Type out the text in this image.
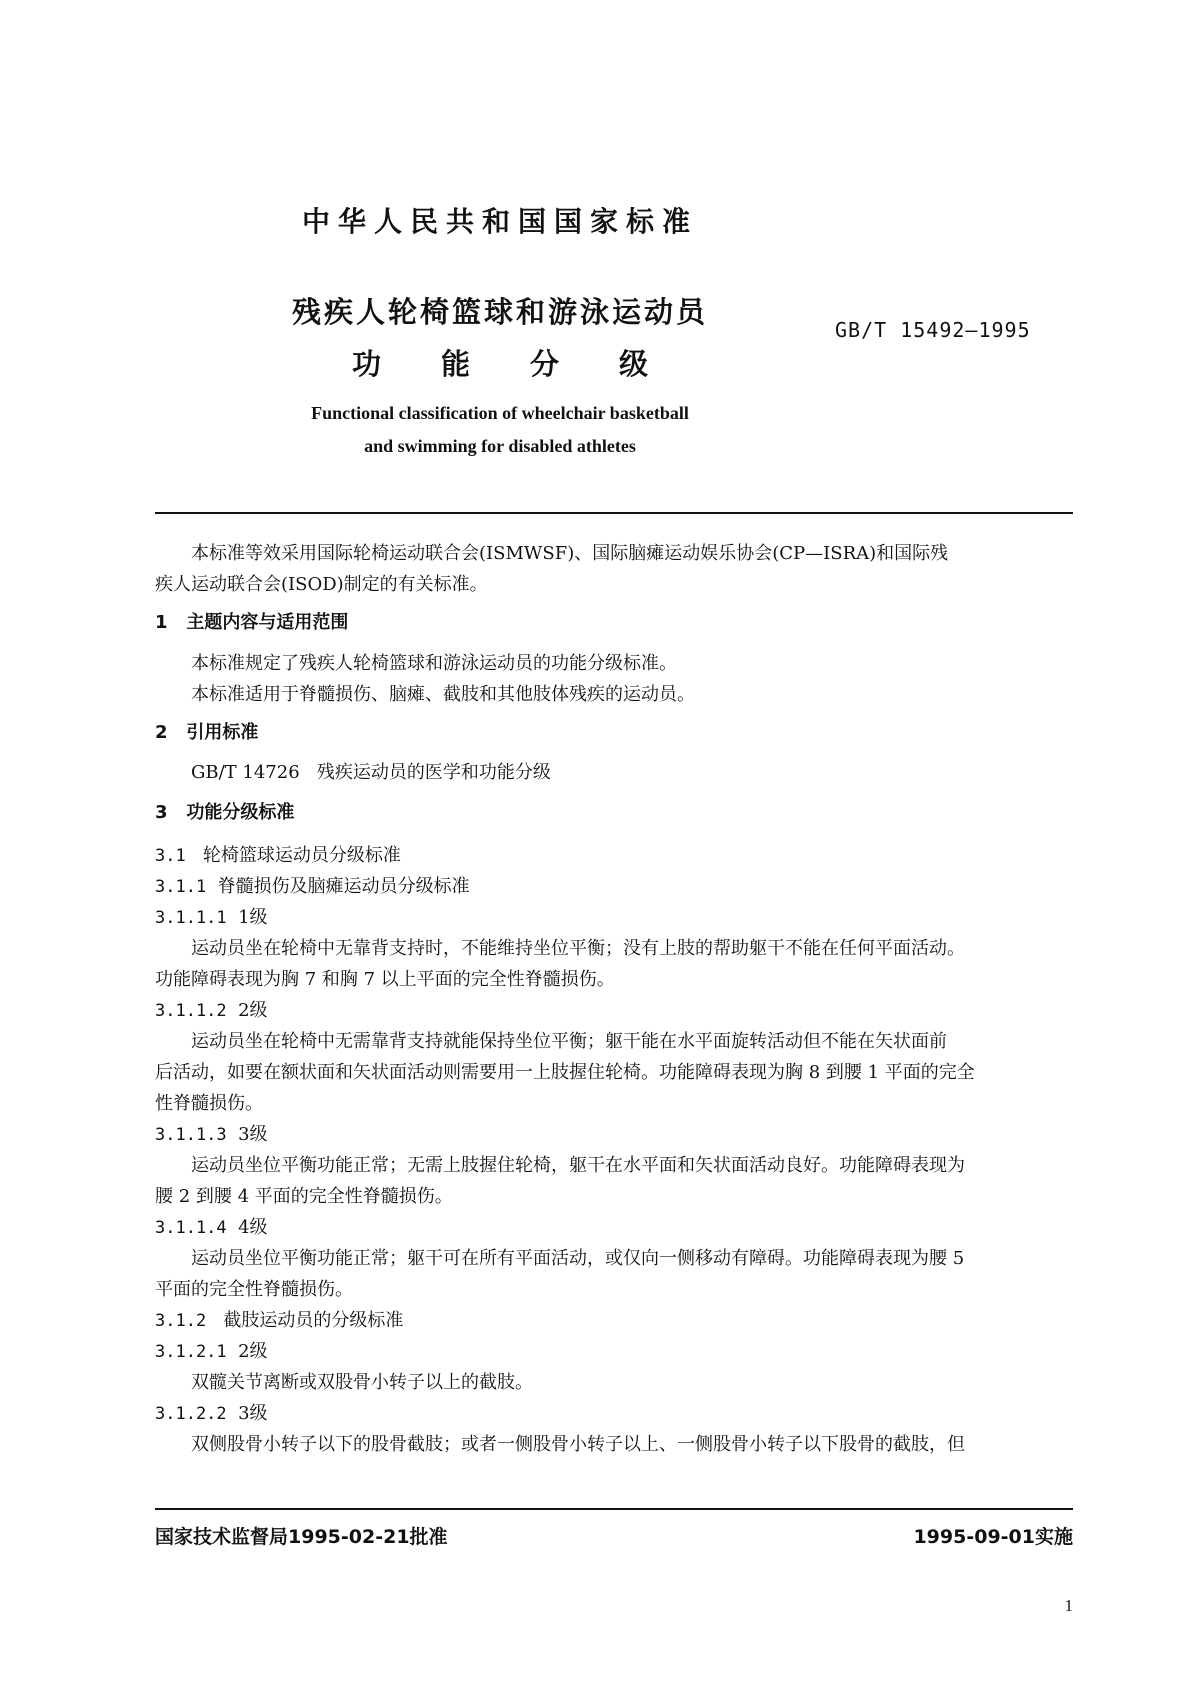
中华人民共和国国家标准
残疾人轮椅篮球和游泳运动员
功 能 分 级
GB/T 15492—1995
Functional classification of wheelchair basketball
and swimming for disabled athletes
本标准等效采用国际轮椅运动联合会(ISMWSF)、国际脑瘫运动娱乐协会(CP—ISRA)和国际残
疾人运动联合会(ISOD)制定的有关标准。
1 主题内容与适用范围
本标准规定了残疾人轮椅篮球和游泳运动员的功能分级标准。
本标准适用于脊髓损伤、脑瘫、截肢和其他肢体残疾的运动员。
2 引用标准
GB/T 14726 残疾运动员的医学和功能分级
3 功能分级标准
3.1 轮椅篮球运动员分级标准
3.1.1 脊髓损伤及脑瘫运动员分级标准
3.1.1.1 1级
运动员坐在轮椅中无靠背支持时，不能维持坐位平衡；没有上肢的帮助躯干不能在任何平面活动。
功能障碍表现为胸 7 和胸 7 以上平面的完全性脊髓损伤。
3.1.1.2 2级
运动员坐在轮椅中无需靠背支持就能保持坐位平衡；躯干能在水平面旋转活动但不能在矢状面前
后活动，如要在额状面和矢状面活动则需要用一上肢握住轮椅。功能障碍表现为胸 8 到腰 1 平面的完全
性脊髓损伤。
3.1.1.3 3级
运动员坐位平衡功能正常；无需上肢握住轮椅，躯干在水平面和矢状面活动良好。功能障碍表现为
腰 2 到腰 4 平面的完全性脊髓损伤。
3.1.1.4 4级
运动员坐位平衡功能正常；躯干可在所有平面活动，或仅向一侧移动有障碍。功能障碍表现为腰 5
平面的完全性脊髓损伤。
3.1.2 截肢运动员的分级标准
3.1.2.1 2级
双髋关节离断或双股骨小转子以上的截肢。
3.1.2.2 3级
双侧股骨小转子以下的股骨截肢；或者一侧股骨小转子以上、一侧股骨小转子以下股骨的截肢，但
国家技术监督局1995-02-21批准	1995-09-01实施
1
